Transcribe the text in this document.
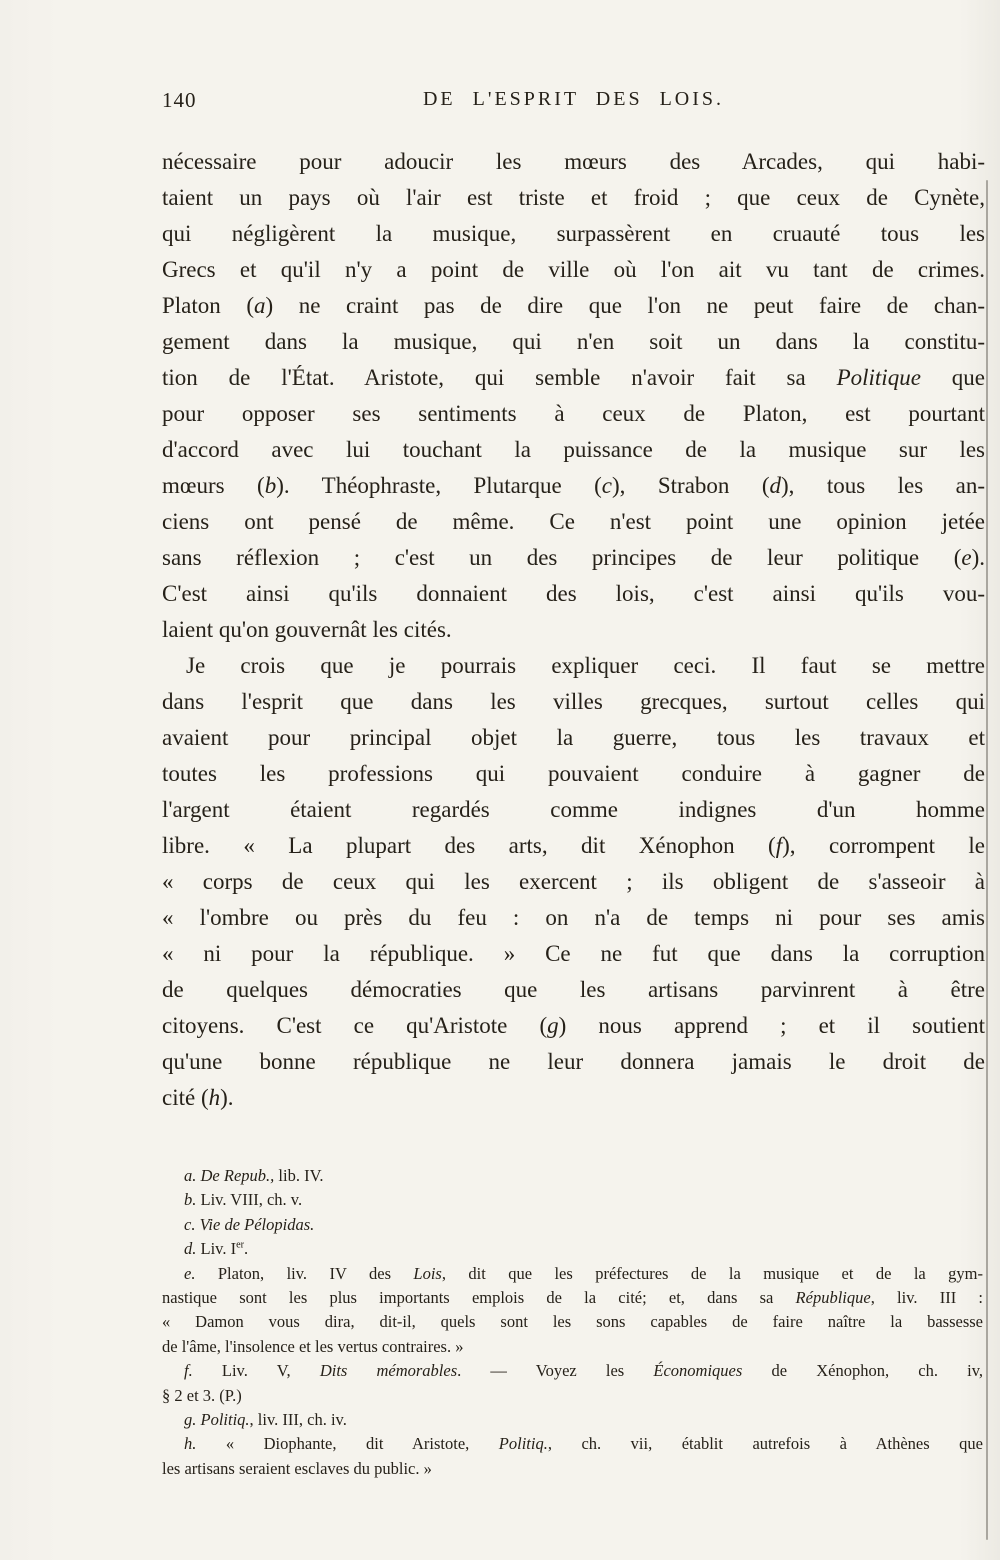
140	DE L'ESPRIT DES LOIS.
nécessaire pour adoucir les mœurs des Arcades, qui habi-
taient un pays où l'air est triste et froid ; que ceux de Cynète,
qui négligèrent la musique, surpassèrent en cruauté tous les
Grecs et qu'il n'y a point de ville où l'on ait vu tant de crimes.
Platon (a) ne craint pas de dire que l'on ne peut faire de chan-
gement dans la musique, qui n'en soit un dans la constitu-
tion de l'État. Aristote, qui semble n'avoir fait sa Politique que
pour opposer ses sentiments à ceux de Platon, est pourtant
d'accord avec lui touchant la puissance de la musique sur les
mœurs (b). Théophraste, Plutarque (c), Strabon (d), tous les an-
ciens ont pensé de même. Ce n'est point une opinion jetée
sans réflexion ; c'est un des principes de leur politique (e).
C'est ainsi qu'ils donnaient des lois, c'est ainsi qu'ils vou-
laient qu'on gouvernât les cités.
Je crois que je pourrais expliquer ceci. Il faut se mettre
dans l'esprit que dans les villes grecques, surtout celles qui
avaient pour principal objet la guerre, tous les travaux et
toutes les professions qui pouvaient conduire à gagner de
l'argent étaient regardés comme indignes d'un homme
libre. « La plupart des arts, dit Xénophon (f), corrompent le
« corps de ceux qui les exercent ; ils obligent de s'asseoir à
« l'ombre ou près du feu : on n'a de temps ni pour ses amis
« ni pour la république. » Ce ne fut que dans la corruption
de quelques démocraties que les artisans parvinrent à être
citoyens. C'est ce qu'Aristote (g) nous apprend ; et il soutient
qu'une bonne république ne leur donnera jamais le droit de
cité (h).
a. De Repub., lib. IV.
b. Liv. VIII, ch. v.
c. Vie de Pélopidas.
d. Liv. Ier.
e. Platon, liv. IV des Lois, dit que les préfectures de la musique et de la gym-
nastique sont les plus importants emplois de la cité; et, dans sa République, liv. III :
« Damon vous dira, dit-il, quels sont les sons capables de faire naître la bassesse
de l'âme, l'insolence et les vertus contraires. »
f. Liv. V, Dits mémorables. — Voyez les Économiques de Xénophon, ch. iv,
§ 2 et 3. (P.)
g. Politiq., liv. III, ch. iv.
h. « Diophante, dit Aristote, Politiq., ch. vii, établit autrefois à Athènes que
les artisans seraient esclaves du public. »
